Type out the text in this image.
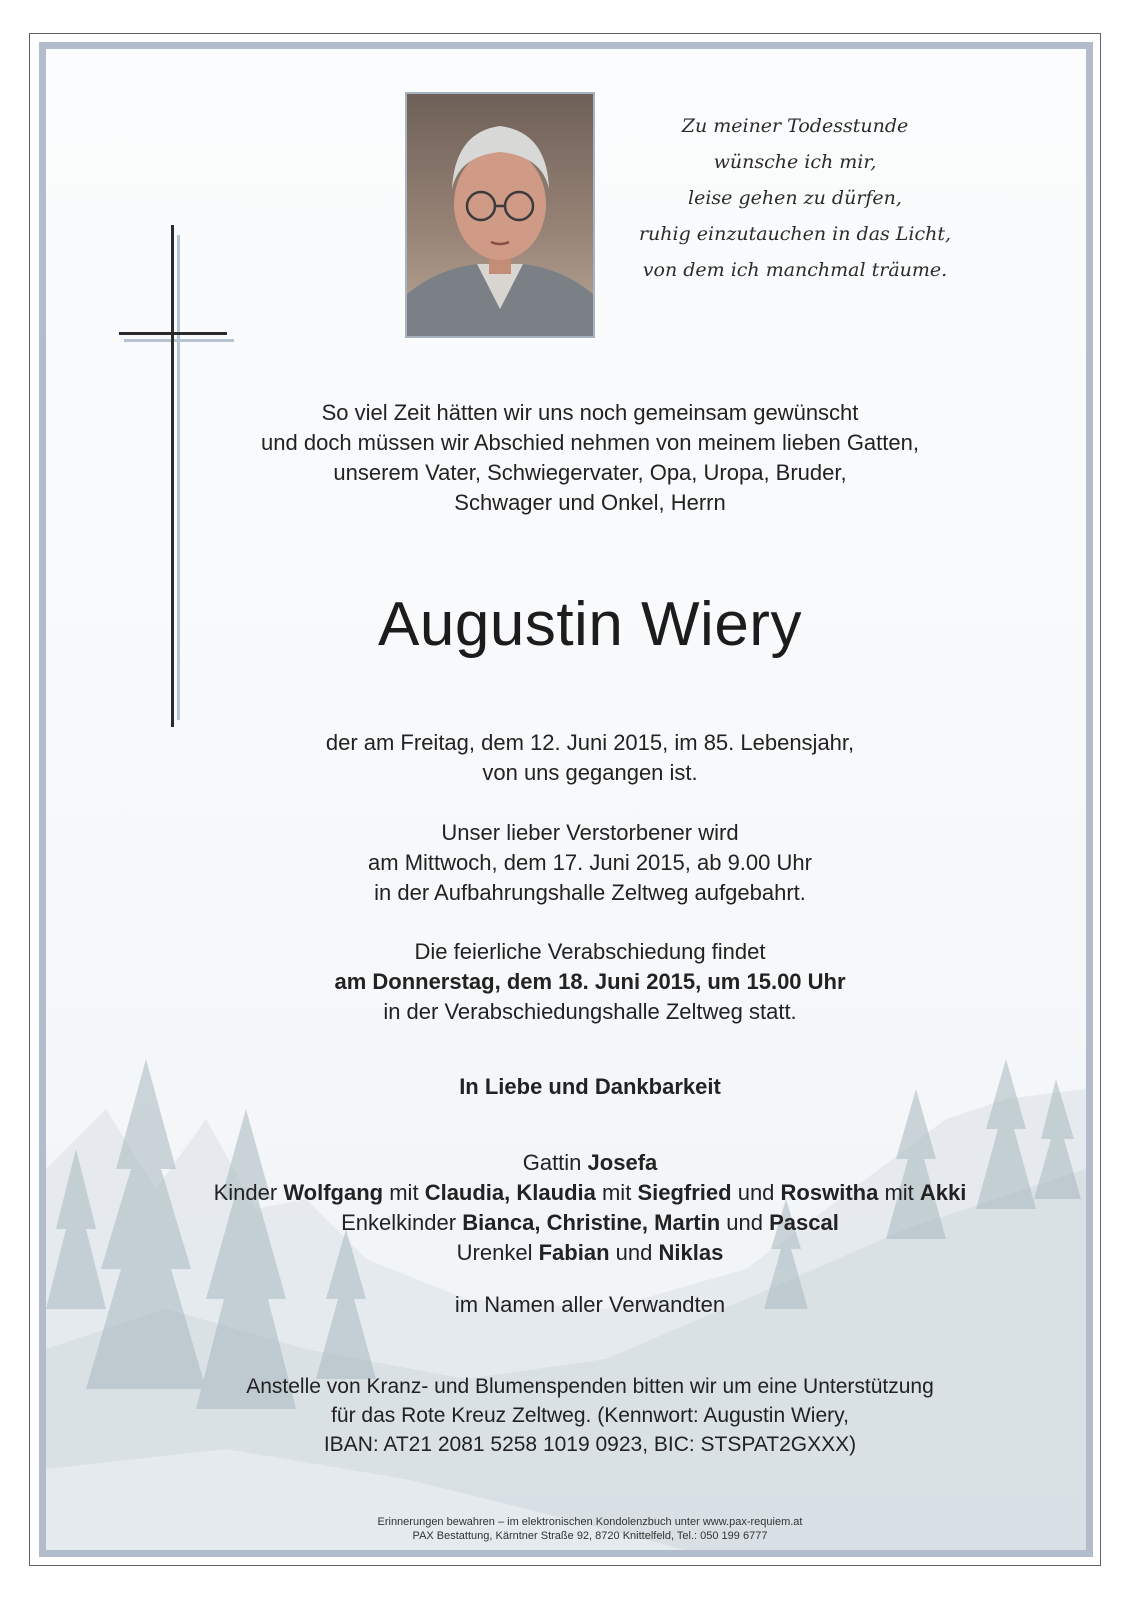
Zu meiner Todesstunde
wünsche ich mir,
leise gehen zu dürfen,
ruhig einzutauchen in das Licht,
von dem ich manchmal träume.
So viel Zeit hätten wir uns noch gemeinsam gewünscht
und doch müssen wir Abschied nehmen von meinem lieben Gatten,
unserem Vater, Schwiegervater, Opa, Uropa, Bruder,
Schwager und Onkel, Herrn
Augustin Wiery
der am Freitag, dem 12. Juni 2015, im 85. Lebensjahr,
von uns gegangen ist.
Unser lieber Verstorbener wird
am Mittwoch, dem 17. Juni 2015, ab 9.00 Uhr
in der Aufbahrungshalle Zeltweg aufgebahrt.
Die feierliche Verabschiedung findet
am Donnerstag, dem 18. Juni 2015, um 15.00 Uhr
in der Verabschiedungshalle Zeltweg statt.
In Liebe und Dankbarkeit
Gattin Josefa
Kinder Wolfgang mit Claudia, Klaudia mit Siegfried und Roswitha mit Akki
Enkelkinder Bianca, Christine, Martin und Pascal
Urenkel Fabian und Niklas
im Namen aller Verwandten
Anstelle von Kranz- und Blumenspenden bitten wir um eine Unterstützung
für das Rote Kreuz Zeltweg. (Kennwort: Augustin Wiery,
IBAN: AT21 2081 5258 1019 0923, BIC: STSPAT2GXXX)
Erinnerungen bewahren – im elektronischen Kondolenzbuch unter www.pax-requiem.at
PAX Bestattung, Kärntner Straße 92, 8720 Knittelfeld, Tel.: 050 199 6777
